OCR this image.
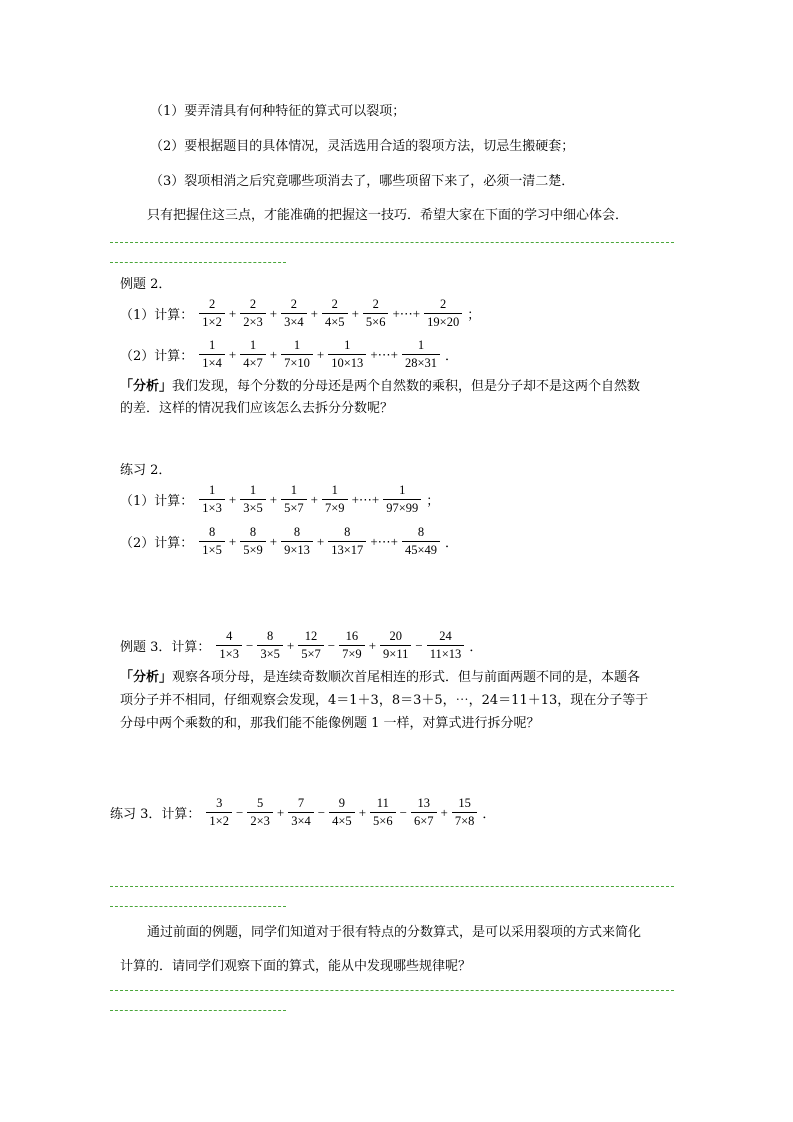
（1）要弄清具有何种特征的算式可以裂项；
（2）要根据题目的具体情况，灵活选用合适的裂项方法，切忌生搬硬套；
（3）裂项相消之后究竟哪些项消去了，哪些项留下来了，必须一清二楚．
只有把握住这三点，才能准确的把握这一技巧．希望大家在下面的学习中细心体会．
例题 2．
（1）计算： $\frac{2}{1\times 2} + \frac{2}{2\times 3} + \frac{2}{3\times 4} + \frac{2}{4\times 5} + \frac{2}{5\times 6}$ +⋯+ $\frac{2}{19\times 20}$ ；
（2）计算： $\frac{1}{1\times 4} + \frac{1}{4\times 7} + \frac{1}{7\times 10} + \frac{1}{10\times 13}$ +⋯+ $\frac{1}{28\times 31}$ ．
「分析」我们发现，每个分数的分母还是两个自然数的乘积，但是分子却不是这两个自然数
的差．这样的情况我们应该怎么去拆分分数呢？
练习 2．
（1）计算： $\frac{1}{1\times 3} + \frac{1}{3\times 5} + \frac{1}{5\times 7} + \frac{1}{7\times 9}$ +⋯+ $\frac{1}{97\times 99}$ ；
（2）计算： $\frac{8}{1\times 5} + \frac{8}{5\times 9} + \frac{8}{9\times 13} + \frac{8}{13\times 17}$ +⋯+ $\frac{8}{45\times 49}$ ．
例题 3．计算： $\frac{4}{1\times 3} - \frac{8}{3\times 5} + \frac{12}{5\times 7} - \frac{16}{7\times 9} + \frac{20}{9\times 11} - \frac{24}{11\times 13}$ ．
「分析」观察各项分母，是连续奇数顺次首尾相连的形式．但与前面两题不同的是，本题各
项分子并不相同，仔细观察会发现，4＝1＋3，8＝3＋5，⋯，24＝11＋13，现在分子等于
分母中两个乘数的和，那我们能不能像例题 1 一样，对算式进行拆分呢？
练习 3．计算： $\frac{3}{1\times 2} - \frac{5}{2\times 3} + \frac{7}{3\times 4} - \frac{9}{4\times 5} + \frac{11}{5\times 6} - \frac{13}{6\times 7} + \frac{15}{7\times 8}$ ．
通过前面的例题，同学们知道对于很有特点的分数算式，是可以采用裂项的方式来简化
计算的．请同学们观察下面的算式，能从中发现哪些规律呢？
